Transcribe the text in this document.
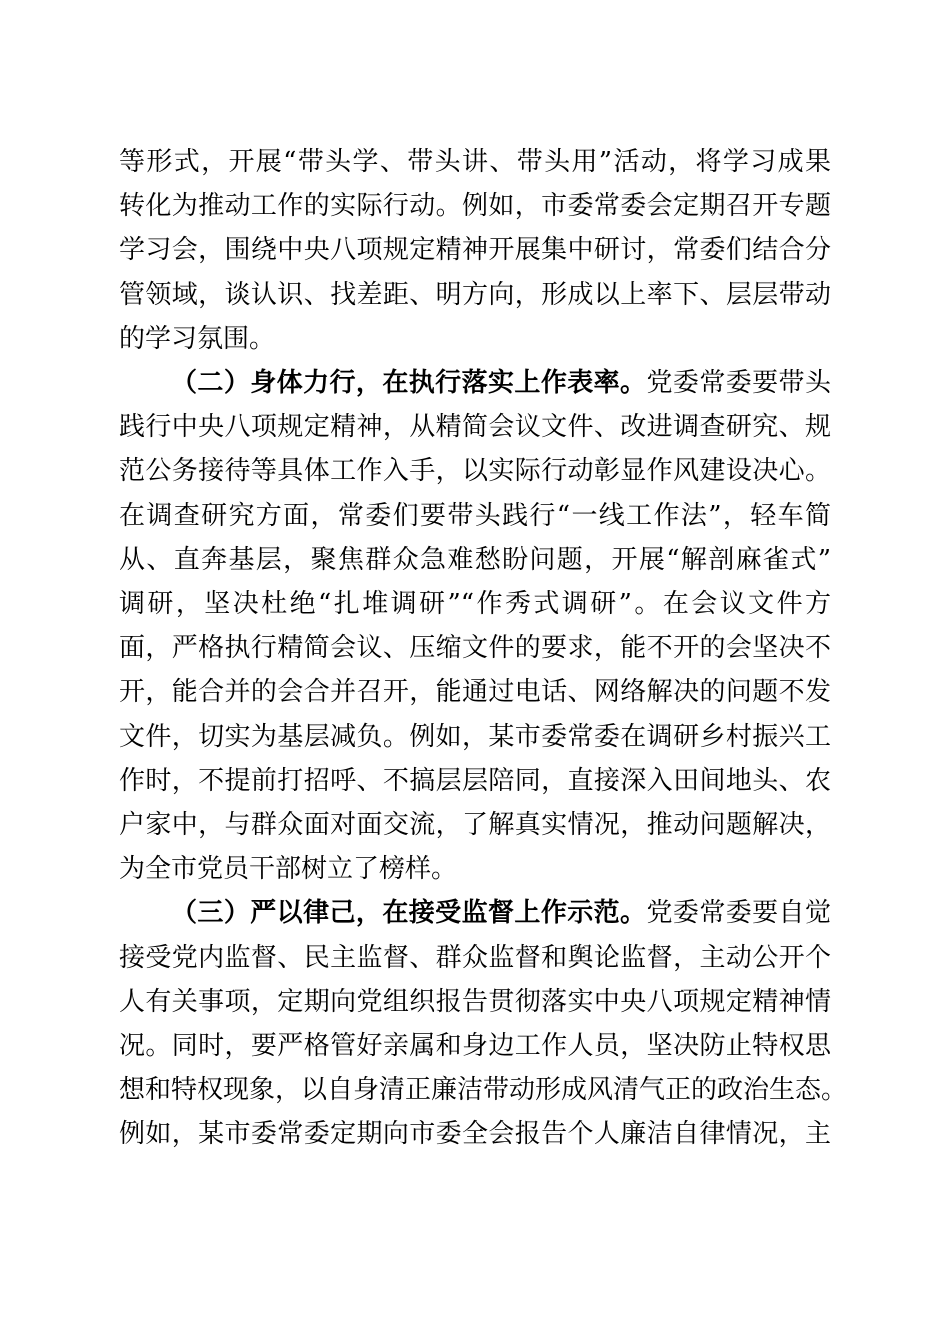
等形式，开展“带头学、带头讲、带头用”活动，将学习成果
转化为推动工作的实际行动。例如，市委常委会定期召开专题
学习会，围绕中央八项规定精神开展集中研讨，常委们结合分
管领域，谈认识、找差距、明方向，形成以上率下、层层带动
的学习氛围。
（二）身体力行，在执行落实上作表率。党委常委要带头
践行中央八项规定精神，从精简会议文件、改进调查研究、规
范公务接待等具体工作入手，以实际行动彰显作风建设决心。
在调查研究方面，常委们要带头践行“一线工作法”，轻车简
从、直奔基层，聚焦群众急难愁盼问题，开展“解剖麻雀式”
调研，坚决杜绝“扎堆调研”“作秀式调研”。在会议文件方
面，严格执行精简会议、压缩文件的要求，能不开的会坚决不
开，能合并的会合并召开，能通过电话、网络解决的问题不发
文件，切实为基层减负。例如，某市委常委在调研乡村振兴工
作时，不提前打招呼、不搞层层陪同，直接深入田间地头、农
户家中，与群众面对面交流，了解真实情况，推动问题解决，
为全市党员干部树立了榜样。
（三）严以律己，在接受监督上作示范。党委常委要自觉
接受党内监督、民主监督、群众监督和舆论监督，主动公开个
人有关事项，定期向党组织报告贯彻落实中央八项规定精神情
况。同时，要严格管好亲属和身边工作人员，坚决防止特权思
想和特权现象，以自身清正廉洁带动形成风清气正的政治生态。
例如，某市委常委定期向市委全会报告个人廉洁自律情况，主
